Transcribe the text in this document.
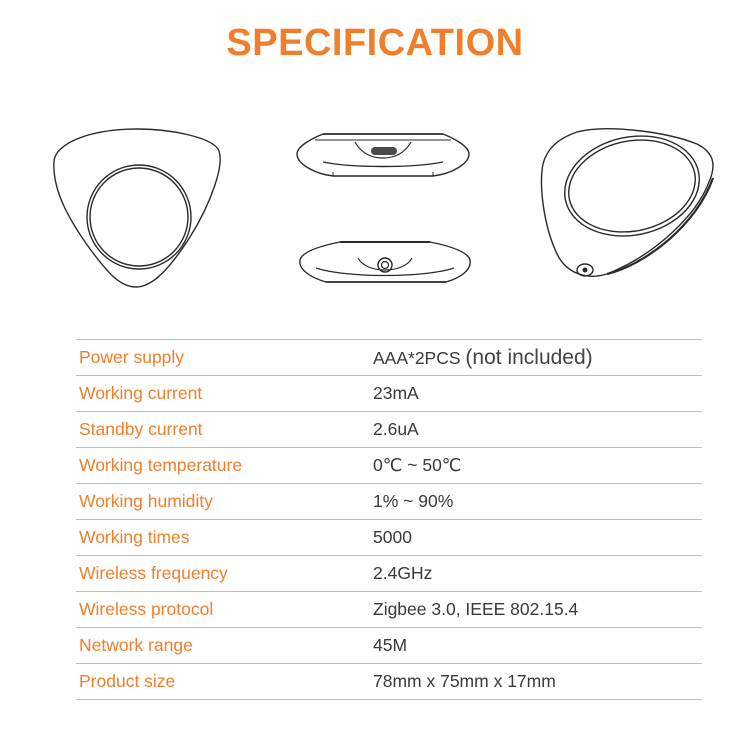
SPECIFICATION
Power supply	AAA*2PCS (not included)
Working current	23mA
Standby current	2.6uA
Working temperature	0℃ ~ 50℃
Working humidity	1% ~ 90%
Working times	5000
Wireless frequency	2.4GHz
Wireless protocol	Zigbee 3.0, IEEE 802.15.4
Network range	45M
Product size	78mm x 75mm x 17mm
